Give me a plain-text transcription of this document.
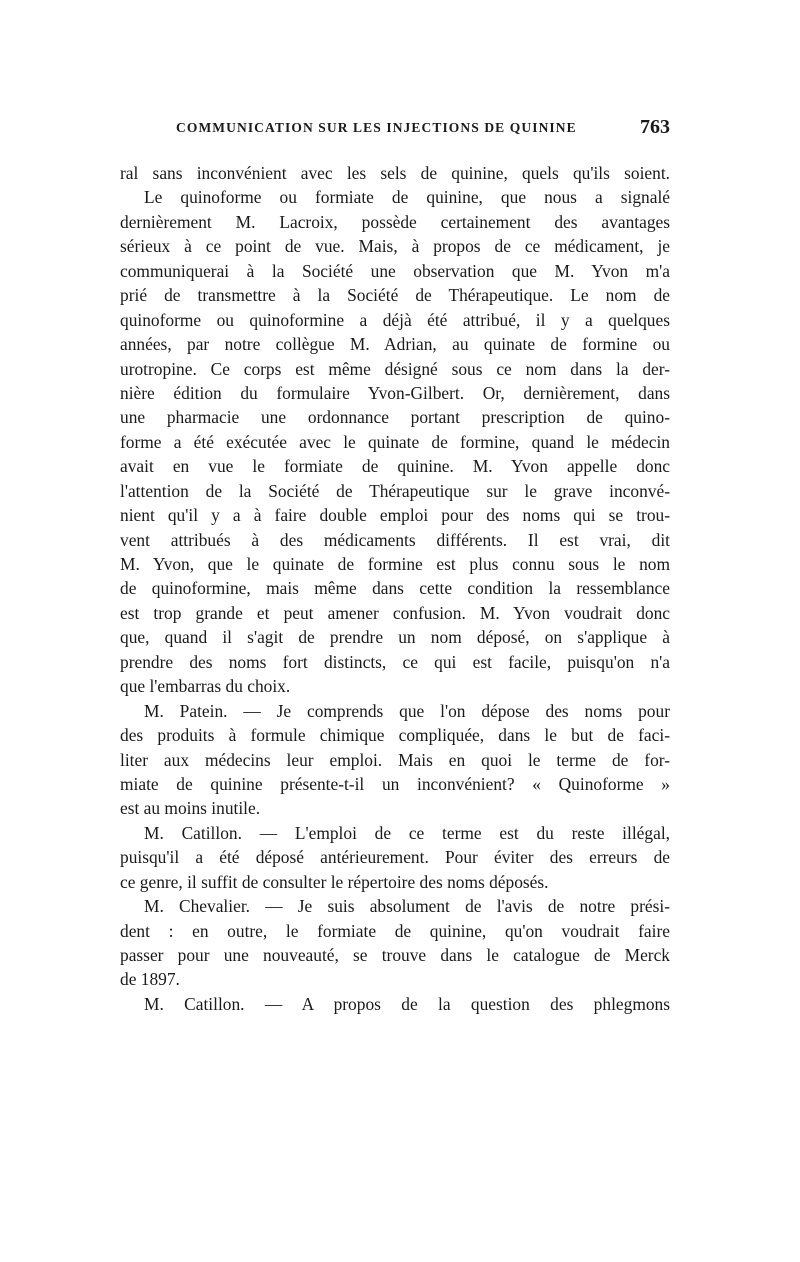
COMMUNICATION SUR LES INJECTIONS DE QUININE	763
ral sans inconvénient avec les sels de quinine, quels qu'ils soient.
Le quinoforme ou formiate de quinine, que nous a signalé
dernièrement M. Lacroix, possède certainement des avantages
sérieux à ce point de vue. Mais, à propos de ce médicament, je
communiquerai à la Société une observation que M. Yvon m'a
prié de transmettre à la Société de Thérapeutique. Le nom de
quinoforme ou quinoformine a déjà été attribué, il y a quelques
années, par notre collègue M. Adrian, au quinate de formine ou
urotropine. Ce corps est même désigné sous ce nom dans la der-
nière édition du formulaire Yvon-Gilbert. Or, dernièrement, dans
une pharmacie une ordonnance portant prescription de quino-
forme a été exécutée avec le quinate de formine, quand le médecin
avait en vue le formiate de quinine. M. Yvon appelle donc
l'attention de la Société de Thérapeutique sur le grave inconvé-
nient qu'il y a à faire double emploi pour des noms qui se trou-
vent attribués à des médicaments différents. Il est vrai, dit
M. Yvon, que le quinate de formine est plus connu sous le nom
de quinoformine, mais même dans cette condition la ressemblance
est trop grande et peut amener confusion. M. Yvon voudrait donc
que, quand il s'agit de prendre un nom déposé, on s'applique à
prendre des noms fort distincts, ce qui est facile, puisqu'on n'a
que l'embarras du choix.
M. Patein. — Je comprends que l'on dépose des noms pour
des produits à formule chimique compliquée, dans le but de faci-
liter aux médecins leur emploi. Mais en quoi le terme de for-
miate de quinine présente-t-il un inconvénient? « Quinoforme »
est au moins inutile.
M. Catillon. — L'emploi de ce terme est du reste illégal,
puisqu'il a été déposé antérieurement. Pour éviter des erreurs de
ce genre, il suffit de consulter le répertoire des noms déposés.
M. Chevalier. — Je suis absolument de l'avis de notre prési-
dent : en outre, le formiate de quinine, qu'on voudrait faire
passer pour une nouveauté, se trouve dans le catalogue de Merck
de 1897.
M. Catillon. — A propos de la question des phlegmons
